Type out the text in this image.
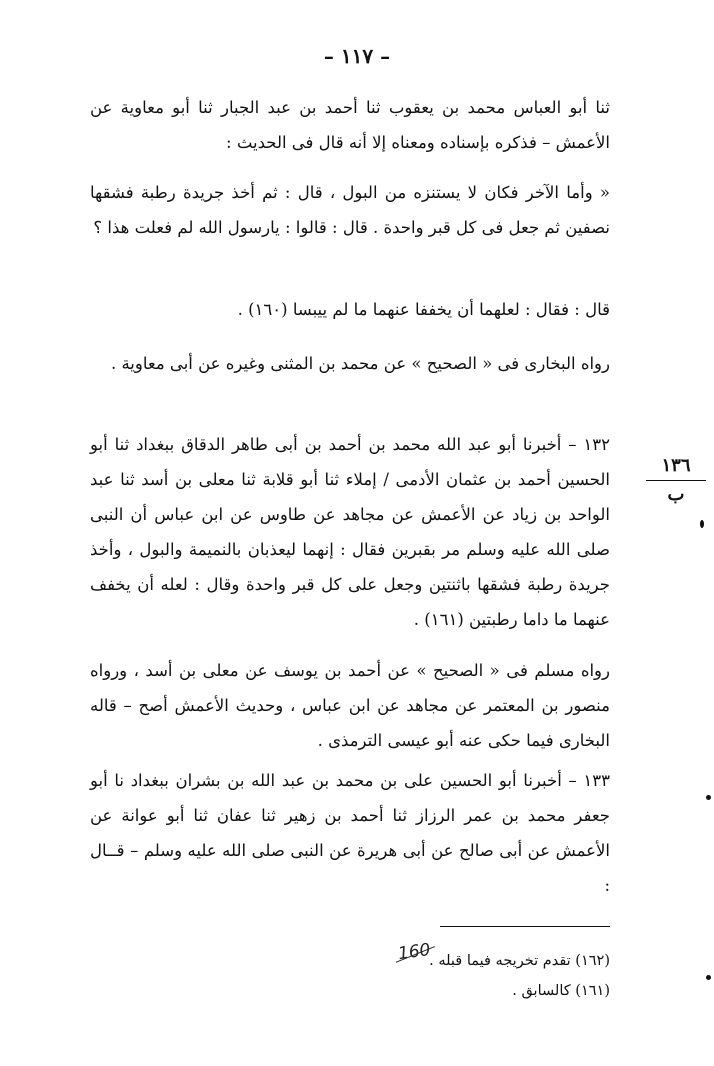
– ١١٧ –
ثنا أبو العباس محمد بن يعقوب ثنا أحمد بن عبد الجبار ثنا أبو معاوية عن الأعمش – فذكره بإسناده ومعناه إلا أنه قال فى الحديث :
« وأما الآخر فكان لا يستنزه من البول ، قال : ثم أخذ جريدة رطبة فشقها نصفين ثم جعل فى كل قبر واحدة . قال : قالوا : يارسول الله لم فعلت هذا ؟
قال : فقال : لعلهما أن يخففا عنهما ما لم ييبسا (١٦٠) .
رواه البخارى فى « الصحيح » عن محمد بن المثنى وغيره عن أبى معاوية .
١٣٢ – أخبرنا أبو عبد الله محمد بن أحمد بن أبى طاهر الدقاق ببغداد ثنا أبو الحسين أحمد بن عثمان الأدمى / إملاء ثنا أبو قلابة ثنا معلى بن أسد ثنا عبد الواحد بن زياد عن الأعمش عن مجاهد عن طاوس عن ابن عباس أن النبى صلى الله عليه وسلم مر بقبرين فقال : إنهما ليعذبان بالنميمة والبول ، وأخذ جريدة رطبة فشقها باثنتين وجعل على كل قبر واحدة وقال : لعله أن يخفف عنهما ما داما رطبتين (١٦١) .
رواه مسلم فى « الصحيح » عن أحمد بن يوسف عن معلى بن أسد ، ورواه منصور بن المعتمر عن مجاهد عن ابن عباس ، وحديث الأعمش أصح – قاله البخارى فيما حكى عنه أبو عيسى الترمذى .
١٣٣ – أخبرنا أبو الحسين على بن محمد بن عبد الله بن بشران ببغداد نا أبو جعفر محمد بن عمر الرزاز ثنا أحمد بن زهير ثنا عفان ثنا أبو عوانة عن الأعمش عن أبى صالح عن أبى هريرة عن النبى صلى الله عليه وسلم – قــال :
١٣٦
ب
160
(١٦٢) تقدم تخريجه فيما قبله .
(١٦١) كالسابق .
